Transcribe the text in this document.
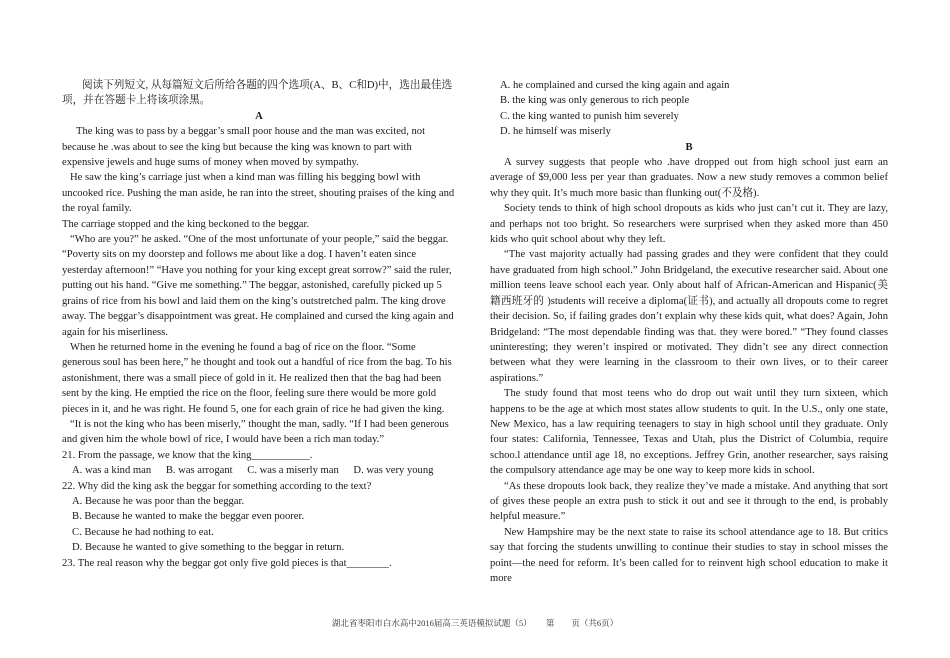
阅读下列短文, 从每篇短文后所给各题的四个选项(A、B、C和D)中，选出最佳选项，并在答题卡上将该项涂黑。

A

The king was to pass by a beggar’s small poor house and the man was excited, not because he .was about to see the king but because the king was known to part with expensive jewels and huge sums of money when moved by sympathy.

He saw the king’s carriage just when a kind man was filling his begging bowl with uncooked rice. Pushing the man aside, he ran into the street, shouting praises of the king and the royal family.

The carriage stopped and the king beckoned to the beggar.

“Who are you?” he asked. “One of the most unfortunate of your people,” said the beggar. “Poverty sits on my doorstep and follows me about like a dog. I haven’t eaten since yesterday afternoon!” “Have you nothing for your king except great sorrow?” said the ruler, putting out his hand. “Give me something.” The beggar, astonished, carefully picked up 5 grains of rice from his bowl and laid them on the king’s outstretched palm. The king drove away. The beggar’s disappointment was great. He complained and cursed the king again and again for his miserliness.

When he returned home in the evening he found a bag of rice on the floor. “Some generous soul has been here,” he thought and took out a handful of rice from the bag. To his astonishment, there was a small piece of gold in it. He realized then that the bag had been sent by the king. He emptied the rice on the floor, feeling sure there would be more gold pieces in it, and he was right. He found 5, one for each grain of rice he had given the king.

“It is not the king who has been miserly,” thought the man, sadly. “If I had been generous and given him the whole bowl of rice, I would have been a rich man today.”

21. From the passage, we know that the king___________.

A. was a kind man B. was arrogant C. was a miserly man D. was very young

22. Why did the king ask the beggar for something according to the text?

A. Because he was poor than the beggar.

B. Because he wanted to make the beggar even poorer.

C. Because he had nothing to eat.

D. Because he wanted to give something to the beggar in return.

23. The real reason why the beggar got only five gold pieces is that________.

A. he complained and cursed the king again and again

B. the king was only generous to rich people

C. the king wanted to punish him severely

D. he himself was miserly

B

A survey suggests that people who .have dropped out from high school just earn an average of $9,000 less per year than graduates. Now a new study removes a common belief why they quit. It’s much more basic than flunking out(不及格).

Society tends to think of high school dropouts as kids who just can’t cut it. They are lazy, and perhaps not too bright. So researchers were surprised when they asked more than 450 kids who quit school about why they left.

“The vast majority actually had passing grades and they were confident that they could have graduated from high school.” John Bridgeland, the executive researcher said. About one million teens leave school each year. Only about half of African-American and Hispanic(美籍西班牙的 )students will receive a diploma(证书), and actually all dropouts come to regret their decision. So, if failing grades don’t explain why these kids quit, what does? Again, John Bridgeland: “The most dependable finding was that. they were bored.” “They found classes uninteresting; they weren’t inspired or motivated. They didn’t see any direct connection between what they were learning in the classroom to their own lives, or to their career aspirations.”

The study found that most teens who do drop out wait until they turn sixteen, which happens to be the age at which most states allow students to quit. In the U.S., only one state, New Mexico, has a law requiring teenagers to stay in high school until they graduate. Only four states: California, Tennessee, Texas and Utah, plus the District of Columbia, require schoo.l attendance until age 18, no exceptions. Jeffrey Grin, another researcher, says raising the compulsory attendance age may be one way to keep more kids in school.

“As these dropouts look back, they realize they’ve made a mistake. And anything that sort of gives these people an extra push to stick it out and see it through to the end, is probably helpful measure.”

New Hampshire may be the next state to raise its school attendance age to 18. But critics say that forcing the students unwilling to continue their studies to stay in school misses the point—the need for reform. It’s been called for to reinvent high school education to make it more

湖北省枣阳市白水高中2016届高三英语模拟试题（5） 第　　页（共6页）
